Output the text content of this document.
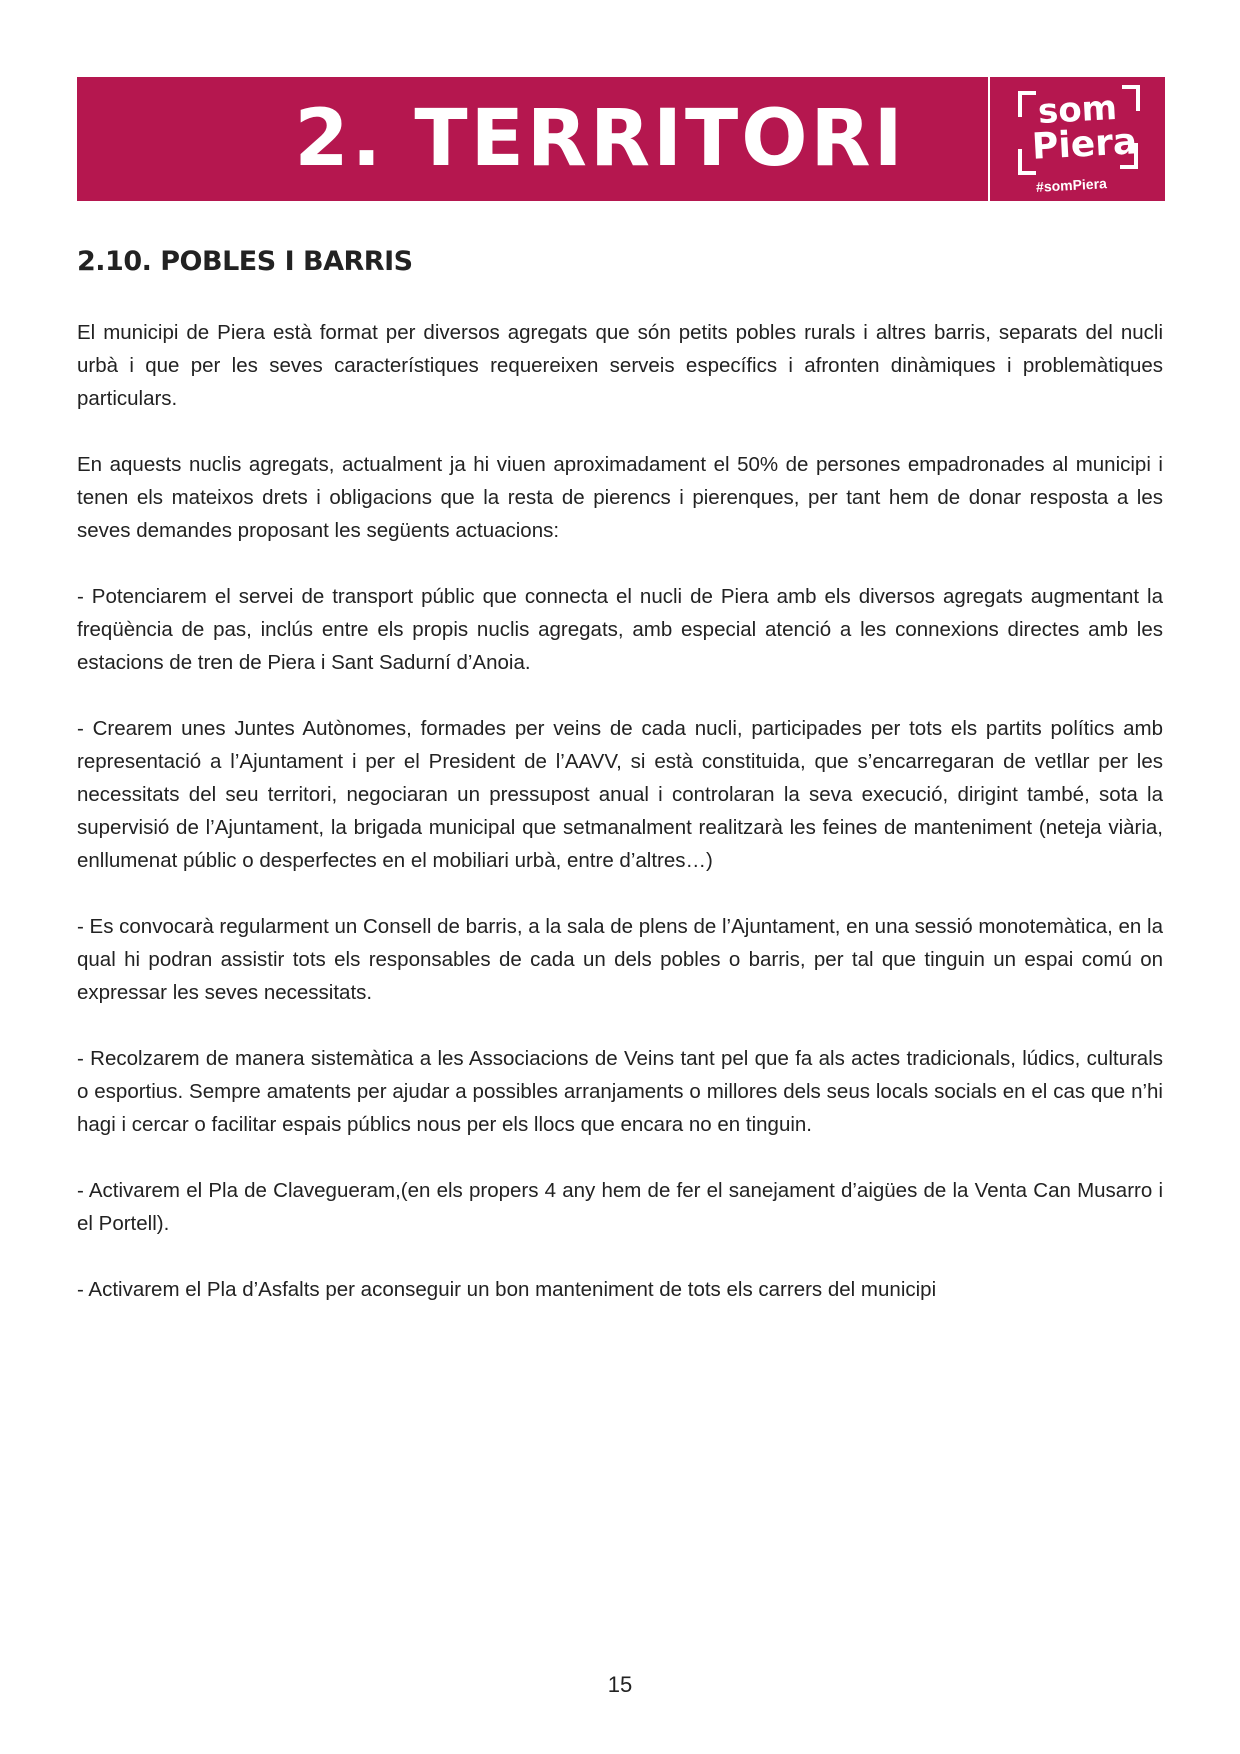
2. TERRITORI	som
Piera
#somPiera
2.10. POBLES I BARRIS

El municipi de Piera està format per diversos agregats que són petits pobles rurals i altres barris, separats del nucli urbà i que per les seves característiques requereixen serveis específics i afronten dinàmiques i problemàtiques particulars.

En aquests nuclis agregats, actualment ja hi viuen aproximadament el 50% de persones empadronades al municipi i tenen els mateixos drets i obligacions que la resta de pierencs i pierenques, per tant hem de donar resposta a les seves demandes proposant les següents actuacions:

- Potenciarem el servei de transport públic que connecta el nucli de Piera amb els diversos agregats augmentant la freqüència de pas, inclús entre els propis nuclis agregats, amb especial atenció a les connexions directes amb les estacions de tren de Piera i Sant Sadurní d’Anoia.

- Crearem unes Juntes Autònomes, formades per veins de cada nucli, participades per tots els partits polítics amb representació a l’Ajuntament i per el President de l’AAVV, si està constituida, que s’encarregaran de vetllar per les necessitats del seu territori, negociaran un pressupost anual i controlaran la seva execució, dirigint també, sota la supervisió de l’Ajuntament, la brigada municipal que setmanalment realitzarà les feines de manteniment (neteja viària, enllumenat públic o desperfectes en el mobiliari urbà, entre d’altres…)

- Es convocarà regularment un Consell de barris, a la sala de plens de l’Ajuntament, en una sessió monotemàtica, en la qual hi podran assistir tots els responsables de cada un dels pobles o barris, per tal que tinguin un espai comú on expressar les seves necessitats.

- Recolzarem de manera sistemàtica a les Associacions de Veins tant pel que fa als actes tradicionals, lúdics, culturals o esportius. Sempre amatents per ajudar a possibles arranjaments o millores dels seus locals socials en el cas que n’hi hagi i cercar o facilitar espais públics nous per els llocs que encara no en tinguin.

- Activarem el Pla de Clavegueram,(en els propers 4 any hem de fer el sanejament d’aigües de la Venta Can Musarro i el Portell).

- Activarem el Pla d’Asfalts per aconseguir un bon manteniment de tots els carrers del municipi

15
